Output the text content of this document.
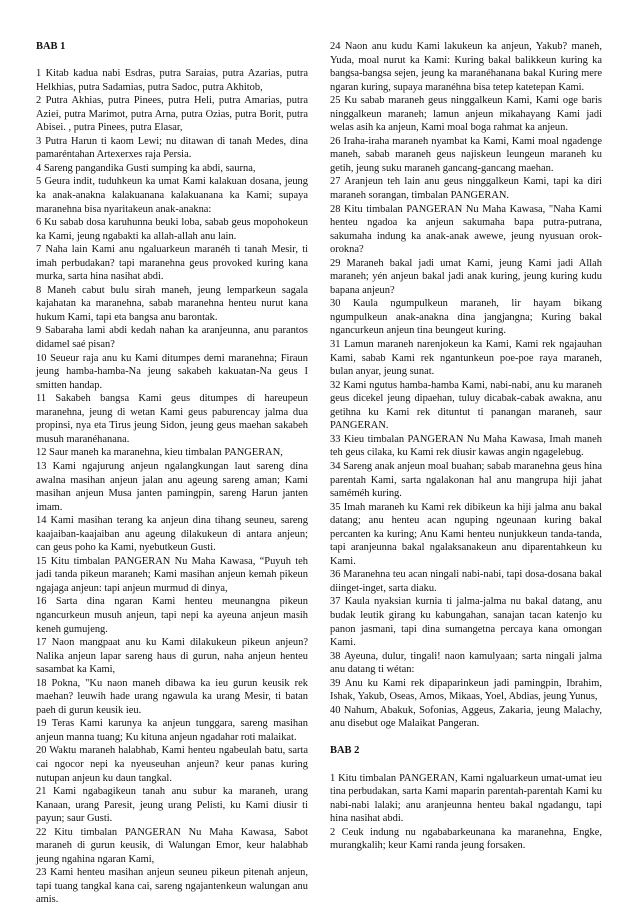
BAB 1

1 Kitab kadua nabi Esdras, putra Saraias, putra Azarias, putra Helkhias, putra Sadamias, putra Sadoc, putra Akhitob,

2 Putra Akhias, putra Pinees, putra Heli, putra Amarias, putra Aziei, putra Marimot, putra Arna, putra Ozias, putra Borit, putra Abisei. , putra Pinees, putra Elasar,

3 Putra Harun ti kaom Lewi; nu ditawan di tanah Medes, dina pamaréntahan Artexerxes raja Persia.

4 Sareng pangandika Gusti sumping ka abdi, saurna,

5 Geura indit, tuduhkeun ka umat Kami kalakuan dosana, jeung ka anak-anakna kalakuanana kalakuanana ka Kami; supaya maranehna bisa nyaritakeun anak-anakna:

6 Ku sabab dosa karuhunna beuki loba, sabab geus mopohokeun ka Kami, jeung ngabakti ka allah-allah anu lain.

7 Naha lain Kami anu ngaluarkeun maranéh ti tanah Mesir, ti imah perbudakan? tapi maranehna geus provoked kuring kana murka, sarta hina nasihat abdi.

8 Maneh cabut bulu sirah maneh, jeung lemparkeun sagala kajahatan ka maranehna, sabab maranehna henteu nurut kana hukum Kami, tapi eta bangsa anu barontak.

9 Sabaraha lami abdi kedah nahan ka aranjeunna, anu parantos didamel saé pisan?

10 Seueur raja anu ku Kami ditumpes demi maranehna; Firaun jeung hamba-hamba-Na jeung sakabeh kakuatan-Na geus I smitten handap.

11 Sakabeh bangsa Kami geus ditumpes di hareupeun maranehna, jeung di wetan Kami geus paburencay jalma dua propinsi, nya eta Tirus jeung Sidon, jeung geus maehan sakabeh musuh maranéhanana.

12 Saur maneh ka maranehna, kieu timbalan PANGERAN,

13 Kami ngajurung anjeun ngalangkungan laut sareng dina awalna masihan anjeun jalan anu ageung sareng aman; Kami masihan anjeun Musa janten pamingpin, sareng Harun janten imam.

14 Kami masihan terang ka anjeun dina tihang seuneu, sareng kaajaiban-kaajaiban anu ageung dilakukeun di antara anjeun; can geus poho ka Kami, nyebutkeun Gusti.

15 Kitu timbalan PANGERAN Nu Maha Kawasa, “Puyuh teh jadi tanda pikeun maraneh; Kami masihan anjeun kemah pikeun ngajaga anjeun: tapi anjeun murmud di dinya,

16 Sarta dina ngaran Kami henteu meunangna pikeun ngancurkeun musuh anjeun, tapi nepi ka ayeuna anjeun masih keneh gumujeng.

17 Naon mangpaat anu ku Kami dilakukeun pikeun anjeun? Nalika anjeun lapar sareng haus di gurun, naha anjeun henteu sasambat ka Kami,

18 Pokna, "Ku naon maneh dibawa ka ieu gurun keusik rek maehan? leuwih hade urang ngawula ka urang Mesir, ti batan paeh di gurun keusik ieu.

19 Teras Kami karunya ka anjeun tunggara, sareng masihan anjeun manna tuang; Ku kituna anjeun ngadahar roti malaikat.

20 Waktu maraneh halabhab, Kami henteu ngabeulah batu, sarta cai ngocor nepi ka nyeuseuhan anjeun? keur panas kuring nutupan anjeun ku daun tangkal.

21 Kami ngabagikeun tanah anu subur ka maraneh, urang Kanaan, urang Paresit, jeung urang Pelisti, ku Kami diusir ti payun; saur Gusti.

22 Kitu timbalan PANGERAN Nu Maha Kawasa, Sabot maraneh di gurun keusik, di Walungan Emor, keur halabhab jeung ngahina ngaran Kami,

23 Kami henteu masihan anjeun seuneu pikeun pitenah anjeun, tapi tuang tangkal kana cai, sareng ngajantenkeun walungan anu amis.

24 Naon anu kudu Kami lakukeun ka anjeun, Yakub? maneh, Yuda, moal nurut ka Kami: Kuring bakal balikkeun kuring ka bangsa-bangsa sejen, jeung ka maranéhanana bakal Kuring mere ngaran kuring, supaya maranéhna bisa tetep katetepan Kami.

25 Ku sabab maraneh geus ninggalkeun Kami, Kami oge baris ninggalkeun maraneh; lamun anjeun mikahayang Kami jadi welas asih ka anjeun, Kami moal boga rahmat ka anjeun.

26 Iraha-iraha maraneh nyambat ka Kami, Kami moal ngadenge maneh, sabab maraneh geus najiskeun leungeun maraneh ku getih, jeung suku maraneh gancang-gancang maehan.

27 Aranjeun teh lain anu geus ninggalkeun Kami, tapi ka diri maraneh sorangan, timbalan PANGERAN.

28 Kitu timbalan PANGERAN Nu Maha Kawasa, "Naha Kami henteu ngadoa ka anjeun sakumaha bapa putra-putrana, sakumaha indung ka anak-anak awewe, jeung nyusuan orok-orokna?

29 Maraneh bakal jadi umat Kami, jeung Kami jadi Allah maraneh; yén anjeun bakal jadi anak kuring, jeung kuring kudu bapana anjeun?

30 Kaula ngumpulkeun maraneh, lir hayam bikang ngumpulkeun anak-anakna dina jangjangna; Kuring bakal ngancurkeun anjeun tina beungeut kuring.

31 Lamun maraneh narenjokeun ka Kami, Kami rek ngajauhan Kami, sabab Kami rek ngantunkeun poe-poe raya maraneh, bulan anyar, jeung sunat.

32 Kami ngutus hamba-hamba Kami, nabi-nabi, anu ku maraneh geus dicekel jeung dipaehan, tuluy dicabak-cabak awakna, anu getihna ku Kami rek dituntut ti panangan maraneh, saur PANGERAN.

33 Kieu timbalan PANGERAN Nu Maha Kawasa, Imah maneh teh geus cilaka, ku Kami rek diusir kawas angin ngagelebug.

34 Sareng anak anjeun moal buahan; sabab maranehna geus hina parentah Kami, sarta ngalakonan hal anu mangrupa hiji jahat saméméh kuring.

35 Imah maraneh ku Kami rek dibikeun ka hiji jalma anu bakal datang; anu henteu acan nguping ngeunaan kuring bakal percanten ka kuring; Anu Kami henteu nunjukkeun tanda-tanda, tapi aranjeunna bakal ngalaksanakeun anu diparentahkeun ku Kami.

36 Maranehna teu acan ningali nabi-nabi, tapi dosa-dosana bakal diinget-inget, sarta diaku.

37 Kaula nyaksian kurnia ti jalma-jalma nu bakal datang, anu budak leutik girang ku kabungahan, sanajan tacan katenjo ku panon jasmani, tapi dina sumangetna percaya kana omongan Kami.

38 Ayeuna, dulur, tingali! naon kamulyaan; sarta ningali jalma anu datang ti wétan:

39 Anu ku Kami rek dipaparinkeun jadi pamingpin, Ibrahim, Ishak, Yakub, Oseas, Amos, Mikaas, Yoel, Abdias, jeung Yunus,

40 Nahum, Abakuk, Sofonias, Aggeus, Zakaria, jeung Malachy, anu disebut oge Malaikat Pangeran.

BAB 2

1 Kitu timbalan PANGERAN, Kami ngaluarkeun umat-umat ieu tina perbudakan, sarta Kami maparin parentah-parentah Kami ku nabi-nabi lalaki; anu aranjeunna henteu bakal ngadangu, tapi hina nasihat abdi.

2 Ceuk indung nu ngababarkeunana ka maranehna, Engke, murangkalih; keur Kami randa jeung forsaken.
